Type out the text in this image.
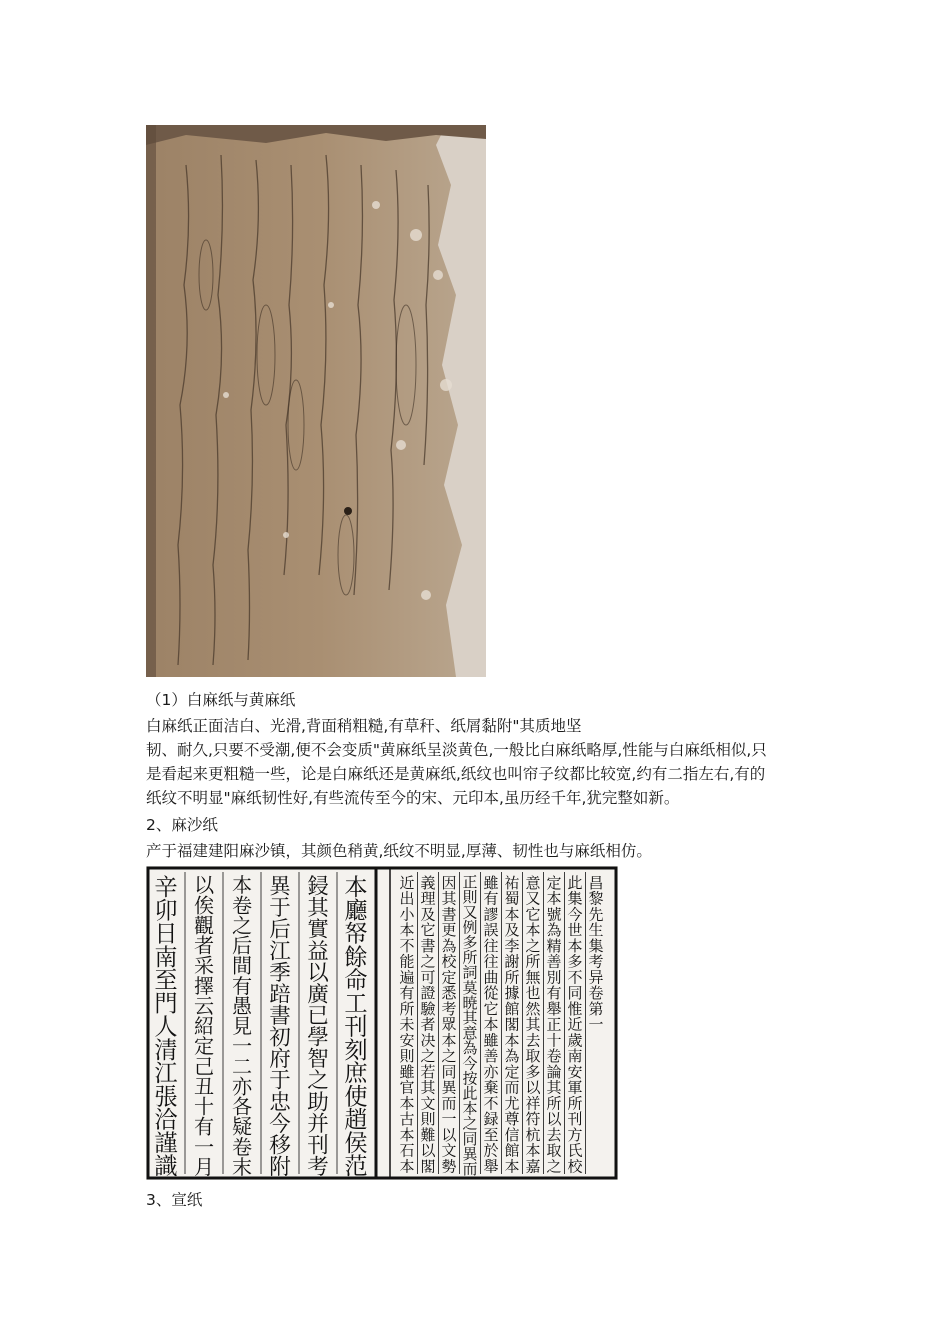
（1）白麻纸与黄麻纸
白麻纸正面洁白、光滑,背面稍粗糙,有草秆、纸屑黏附"其质地坚
韧、耐久,只要不受潮,便不会变质"黄麻纸呈淡黄色,一般比白麻纸略厚,性能与白麻纸相似,只
是看起来更粗糙一些，论是白麻纸还是黄麻纸,纸纹也叫帘子纹都比较宽,约有二指左右,有的
纸纹不明显"麻纸韧性好,有些流传至今的宋、元印本,虽历经千年,犹完整如新。
2、麻沙纸
产于福建建阳麻沙镇，其颜色稍黄,纸纹不明显,厚薄、韧性也与麻纸相仿。
本
廳
帑
餘
命
工
刊
刻
庶
使
趙
侯
范
鋟
其
實
益
以
廣
已
學
智
之
助
并
刊
考
異
于
后
江
季
踣
書
初
府
于
忠
今
移
附
本
卷
之
后
間
有
愚
見
一
二
亦
各
疑
卷
末
以
俟
觀
者
采
擇
云
紹
定
己
丑
十
有
一
月
辛
卯
日
南
至
門
人
清
江
張
洽
謹
識
昌
黎
先
生
集
考
异
卷
第
一
此
集
今
世
本
多
不
同
惟
近
歲
南
安
軍
所
刊
方
氏
校
定
本
號
為
精
善
別
有
舉
正
十
卷
論
其
所
以
去
取
之
意
又
它
本
之
所
無
也
然
其
去
取
多
以
祥
符
杭
本
嘉
祐
蜀
本
及
李
謝
所
據
館
閣
本
為
定
而
尤
尊
信
館
本
雖
有
謬
誤
往
往
曲
從
它
本
雖
善
亦
棄
不
録
至
於
舉
正
則
又
例
多
所
詞
莫
暁
其
意
為
今
按
此
本
之
同
異
而
因
其
書
更
為
校
定
悉
考
眾
本
之
同
異
而
一
以
文
勢
義
理
及
它
書
之
可
證
驗
者
决
之
若
其
文
則
難
以
閣
近
出
小
本
不
能
遍
有
所
未
安
則
雖
官
本
古
本
石
本
3、宣纸
